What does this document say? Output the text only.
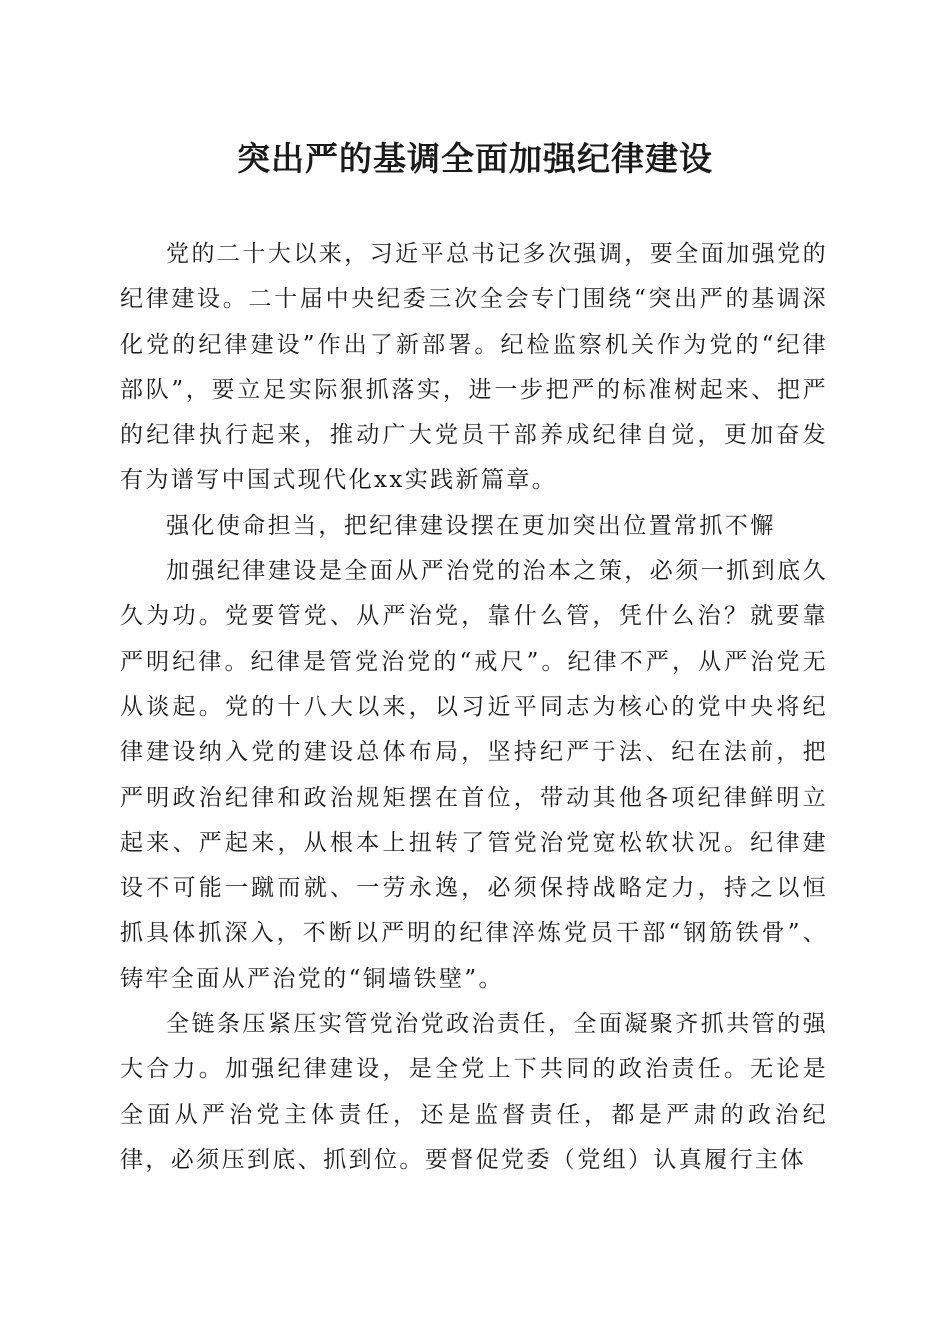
突出严的基调全面加强纪律建设

党的二十大以来，习近平总书记多次强调，要全面加强党的纪律建设。二十届中央纪委三次全会专门围绕“突出严的基调深化党的纪律建设”作出了新部署。纪检监察机关作为党的“纪律部队”，要立足实际狠抓落实，进一步把严的标准树起来、把严的纪律执行起来，推动广大党员干部养成纪律自觉，更加奋发有为谱写中国式现代化xx实践新篇章。

强化使命担当，把纪律建设摆在更加突出位置常抓不懈

加强纪律建设是全面从严治党的治本之策，必须一抓到底久久为功。党要管党、从严治党，靠什么管，凭什么治？就要靠严明纪律。纪律是管党治党的“戒尺”。纪律不严，从严治党无从谈起。党的十八大以来，以习近平同志为核心的党中央将纪律建设纳入党的建设总体布局，坚持纪严于法、纪在法前，把严明政治纪律和政治规矩摆在首位，带动其他各项纪律鲜明立起来、严起来，从根本上扭转了管党治党宽松软状况。纪律建设不可能一蹴而就、一劳永逸，必须保持战略定力，持之以恒抓具体抓深入，不断以严明的纪律淬炼党员干部“钢筋铁骨”、铸牢全面从严治党的“铜墙铁壁”。

全链条压紧压实管党治党政治责任，全面凝聚齐抓共管的强大合力。加强纪律建设，是全党上下共同的政治责任。无论是全面从严治党主体责任，还是监督责任，都是严肃的政治纪律，必须压到底、抓到位。要督促党委（党组）认真履行主体
